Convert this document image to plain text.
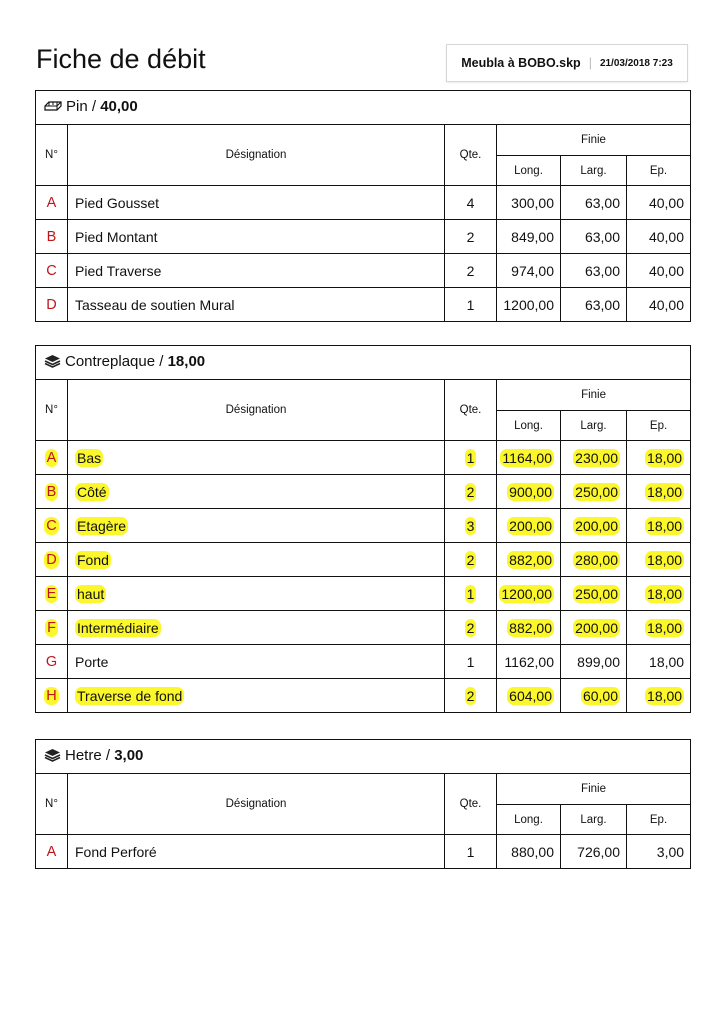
Fiche de débit	Meubla à BOBO.skp | 21/03/2018 7:23
Pin / 40,00					
N°	Désignation	Qte.	Finie		
			Long.	Larg.	Ep.
A	Pied Gousset	4	300,00	63,00	40,00
B	Pied Montant	2	849,00	63,00	40,00
C	Pied Traverse	2	974,00	63,00	40,00
D	Tasseau de soutien Mural	1	1200,00	63,00	40,00
Contreplaque / 18,00					
N°	Désignation	Qte.	Finie		
			Long.	Larg.	Ep.
A	Bas	1	1164,00	230,00	18,00
B	Côté	2	900,00	250,00	18,00
C	Etagère	3	200,00	200,00	18,00
D	Fond	2	882,00	280,00	18,00
E	haut	1	1200,00	250,00	18,00
F	Intermédiaire	2	882,00	200,00	18,00
G	Porte	1	1162,00	899,00	18,00
H	Traverse de fond	2	604,00	60,00	18,00
Hetre / 3,00					
N°	Désignation	Qte.	Finie		
			Long.	Larg.	Ep.
A	Fond Perforé	1	880,00	726,00	3,00
